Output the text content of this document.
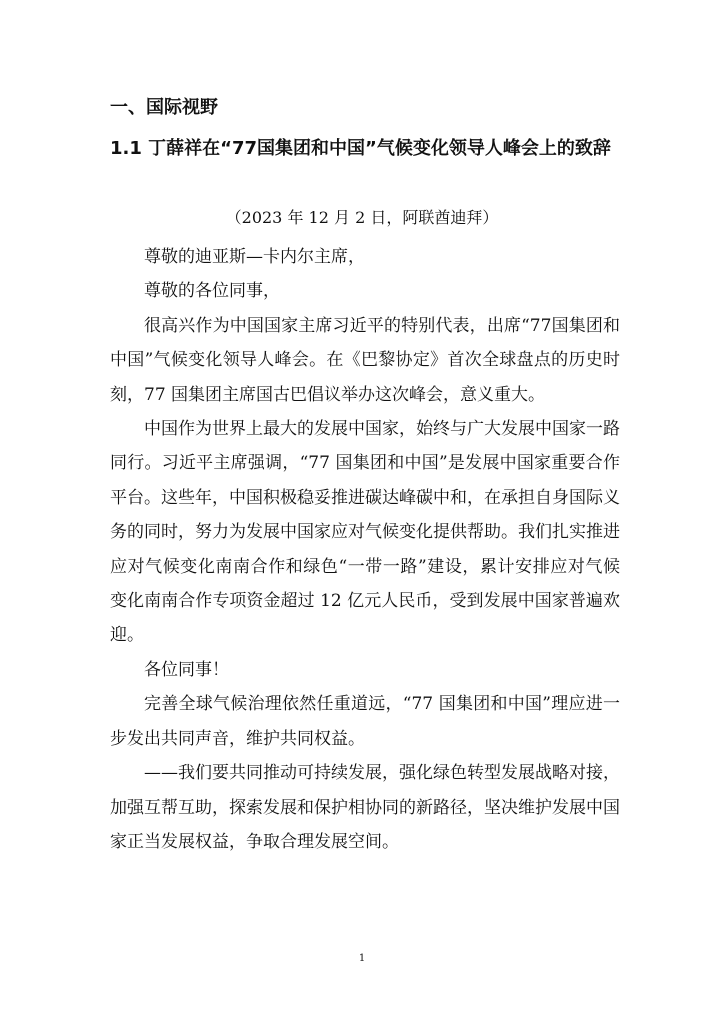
一、国际视野
1.1 丁薛祥在“77国集团和中国”气候变化领导人峰会上的致辞
（2023 年 12 月 2 日，阿联酋迪拜）

尊敬的迪亚斯—卡内尔主席，

尊敬的各位同事，

很高兴作为中国国家主席习近平的特别代表，出席“77国集团和中国”气候变化领导人峰会。在《巴黎协定》首次全球盘点的历史时刻，77 国集团主席国古巴倡议举办这次峰会，意义重大。

中国作为世界上最大的发展中国家，始终与广大发展中国家一路同行。习近平主席强调，“77 国集团和中国”是发展中国家重要合作平台。这些年，中国积极稳妥推进碳达峰碳中和，在承担自身国际义务的同时，努力为发展中国家应对气候变化提供帮助。我们扎实推进应对气候变化南南合作和绿色“一带一路”建设，累计安排应对气候变化南南合作专项资金超过 12 亿元人民币，受到发展中国家普遍欢迎。

各位同事！

完善全球气候治理依然任重道远，“77 国集团和中国”理应进一步发出共同声音，维护共同权益。

——我们要共同推动可持续发展，强化绿色转型发展战略对接，加强互帮互助，探索发展和保护相协同的新路径，坚决维护发展中国家正当发展权益，争取合理发展空间。

1
